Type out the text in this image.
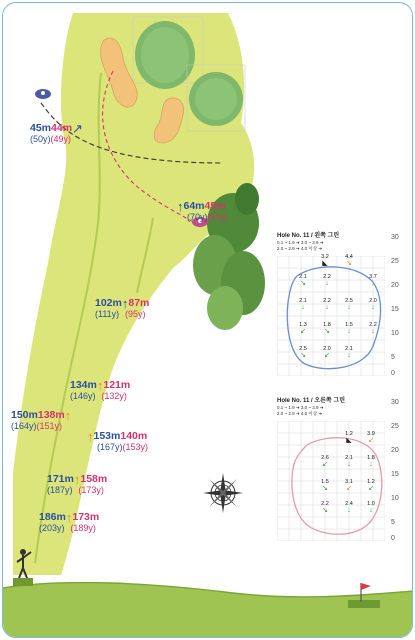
45m44m↗
(50y)(49y)
↑64m45m
(70y)(50y)
102m↑87m
(111y) (95y)
134m↑121m
(146y) (132y)
150m138m↑
(164y)(151y)
↑153m140m
(167y)(153y)
171m↑158m
(187y) (173y)
186m↑173m
(203y) (189y)
Hole No. 11 / 왼쪽 그린
0.1 ~ 1.9 ➜ 3.0 ~ 3.9 ➜
2.0 ~ 2.9 ➜ 4.0 이상 ➜
30
25
20
15
10
5
0
3.2
◣
4.4
↘
2.1
↘
2.2
↓
3.7
↓
2.1
↓
2.2
↓
2.5
↓
2.0
↓
1.3
↙
1.8
↘
1.5
↓
2.2
↓
2.5
↘
2.0
↙
2.1
↓
Hole No. 11 / 오른쪽 그린
0.1 ~ 1.9 ➜ 3.0 ~ 3.9 ➜
2.0 ~ 2.9 ➜ 4.0 이상 ➜
30
25
20
15
10
5
0
1.2
◣
3.9
↙
2.6
↙
2.1
↓
1.8
↓
1.5
↘
3.1
↙
1.2
↙
2.2
↘
2.4
↓
1.0
↓
